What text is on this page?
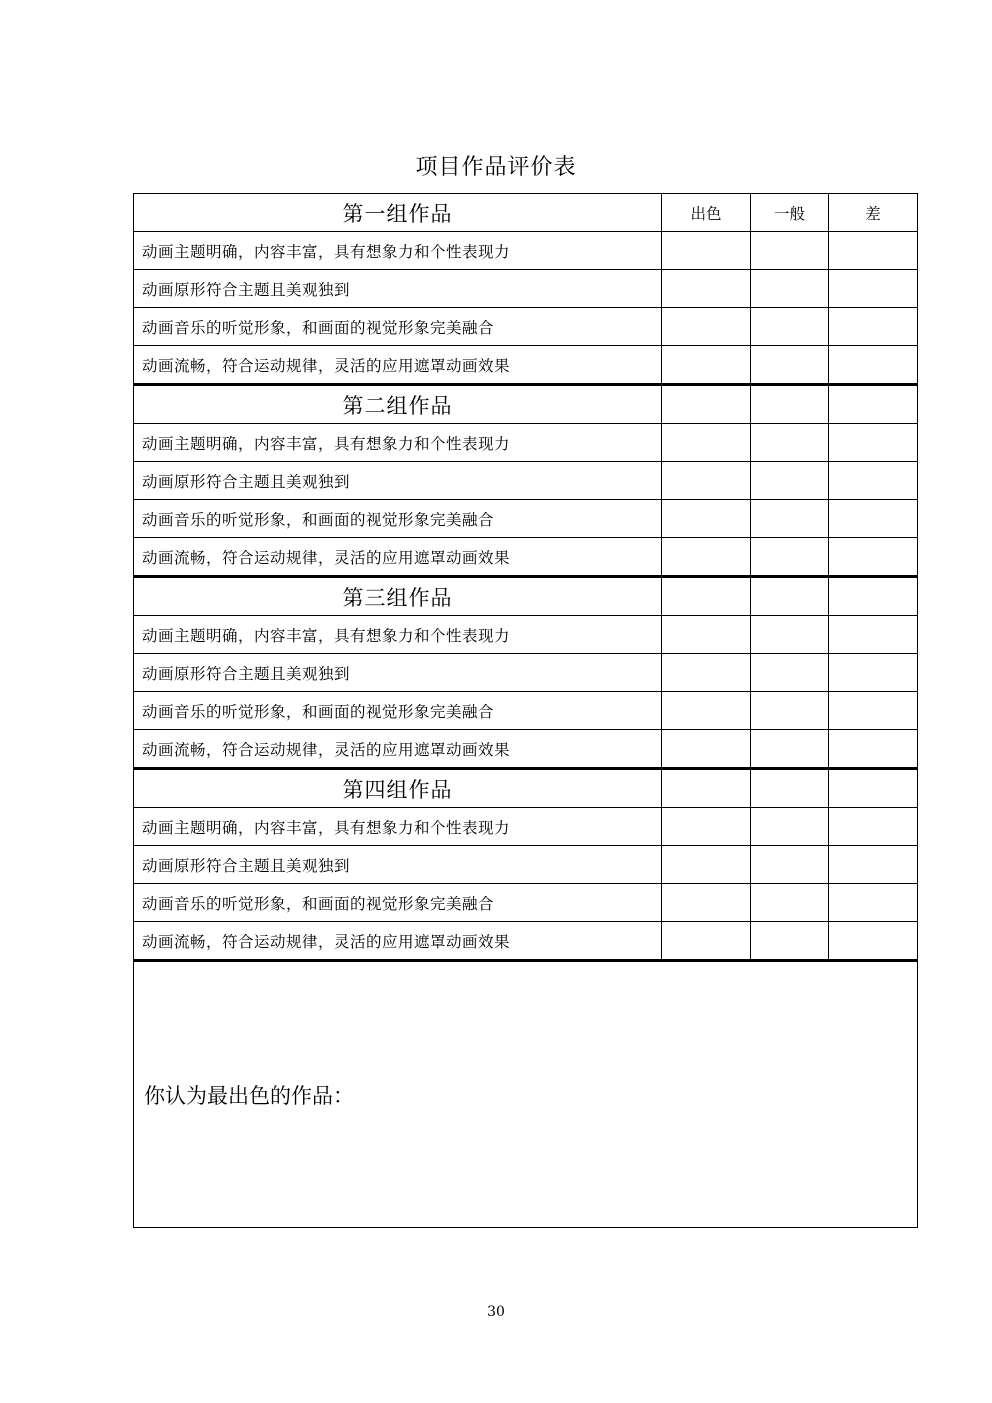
项目作品评价表
第一组作品	出色	一般	差
动画主题明确，内容丰富，具有想象力和个性表现力			
动画原形符合主题且美观独到			
动画音乐的听觉形象，和画面的视觉形象完美融合			
动画流畅，符合运动规律，灵活的应用遮罩动画效果			
第二组作品			
动画主题明确，内容丰富，具有想象力和个性表现力			
动画原形符合主题且美观独到			
动画音乐的听觉形象，和画面的视觉形象完美融合			
动画流畅，符合运动规律，灵活的应用遮罩动画效果			
第三组作品			
动画主题明确，内容丰富，具有想象力和个性表现力			
动画原形符合主题且美观独到			
动画音乐的听觉形象，和画面的视觉形象完美融合			
动画流畅，符合运动规律，灵活的应用遮罩动画效果			
第四组作品			
动画主题明确，内容丰富，具有想象力和个性表现力			
动画原形符合主题且美观独到			
动画音乐的听觉形象，和画面的视觉形象完美融合			
动画流畅，符合运动规律，灵活的应用遮罩动画效果			
你认为最出色的作品：			
30
